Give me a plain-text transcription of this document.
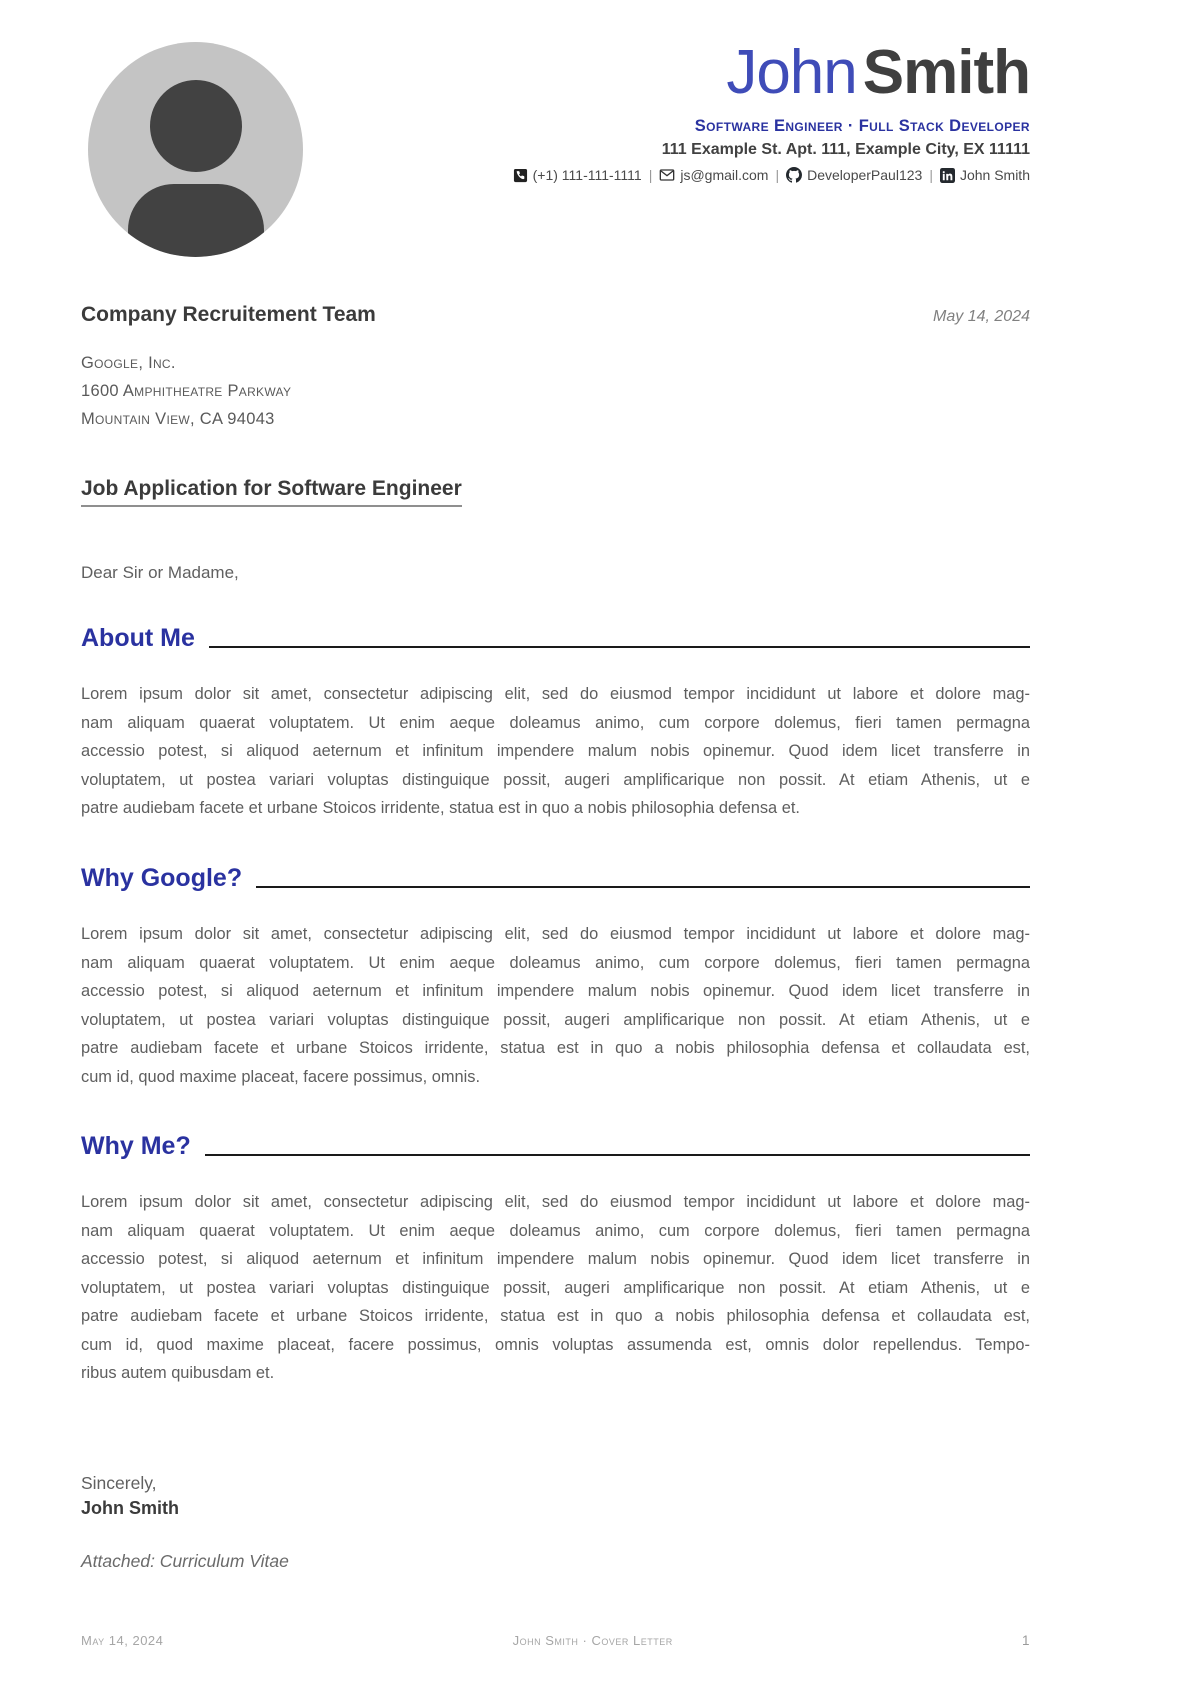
JohnSmith
Software Engineer · Full Stack Developer
111 Example St. Apt. 111, Example City, EX 11111
(+1) 111-111-1111 | js@gmail.com | DeveloperPaul123 | John Smith
Company Recruitement Team	May 14, 2024
Google, Inc.
1600 Amphitheatre Parkway
Mountain View, CA 94043
Job Application for Software Engineer
Dear Sir or Madame,
About Me
Lorem ipsum dolor sit amet, consectetur adipiscing elit, sed do eiusmod tempor incididunt ut labore et dolore mag-
nam aliquam quaerat voluptatem. Ut enim aeque doleamus animo, cum corpore dolemus, fieri tamen permagna
accessio potest, si aliquod aeternum et infinitum impendere malum nobis opinemur. Quod idem licet transferre in
voluptatem, ut postea variari voluptas distinguique possit, augeri amplificarique non possit. At etiam Athenis, ut e
patre audiebam facete et urbane Stoicos irridente, statua est in quo a nobis philosophia defensa et.
Why Google?
Lorem ipsum dolor sit amet, consectetur adipiscing elit, sed do eiusmod tempor incididunt ut labore et dolore mag-
nam aliquam quaerat voluptatem. Ut enim aeque doleamus animo, cum corpore dolemus, fieri tamen permagna
accessio potest, si aliquod aeternum et infinitum impendere malum nobis opinemur. Quod idem licet transferre in
voluptatem, ut postea variari voluptas distinguique possit, augeri amplificarique non possit. At etiam Athenis, ut e
patre audiebam facete et urbane Stoicos irridente, statua est in quo a nobis philosophia defensa et collaudata est,
cum id, quod maxime placeat, facere possimus, omnis.
Why Me?
Lorem ipsum dolor sit amet, consectetur adipiscing elit, sed do eiusmod tempor incididunt ut labore et dolore mag-
nam aliquam quaerat voluptatem. Ut enim aeque doleamus animo, cum corpore dolemus, fieri tamen permagna
accessio potest, si aliquod aeternum et infinitum impendere malum nobis opinemur. Quod idem licet transferre in
voluptatem, ut postea variari voluptas distinguique possit, augeri amplificarique non possit. At etiam Athenis, ut e
patre audiebam facete et urbane Stoicos irridente, statua est in quo a nobis philosophia defensa et collaudata est,
cum id, quod maxime placeat, facere possimus, omnis voluptas assumenda est, omnis dolor repellendus. Tempo-
ribus autem quibusdam et.
Sincerely,
John Smith
Attached: Curriculum Vitae
May 14, 2024	John Smith · Cover Letter	1
